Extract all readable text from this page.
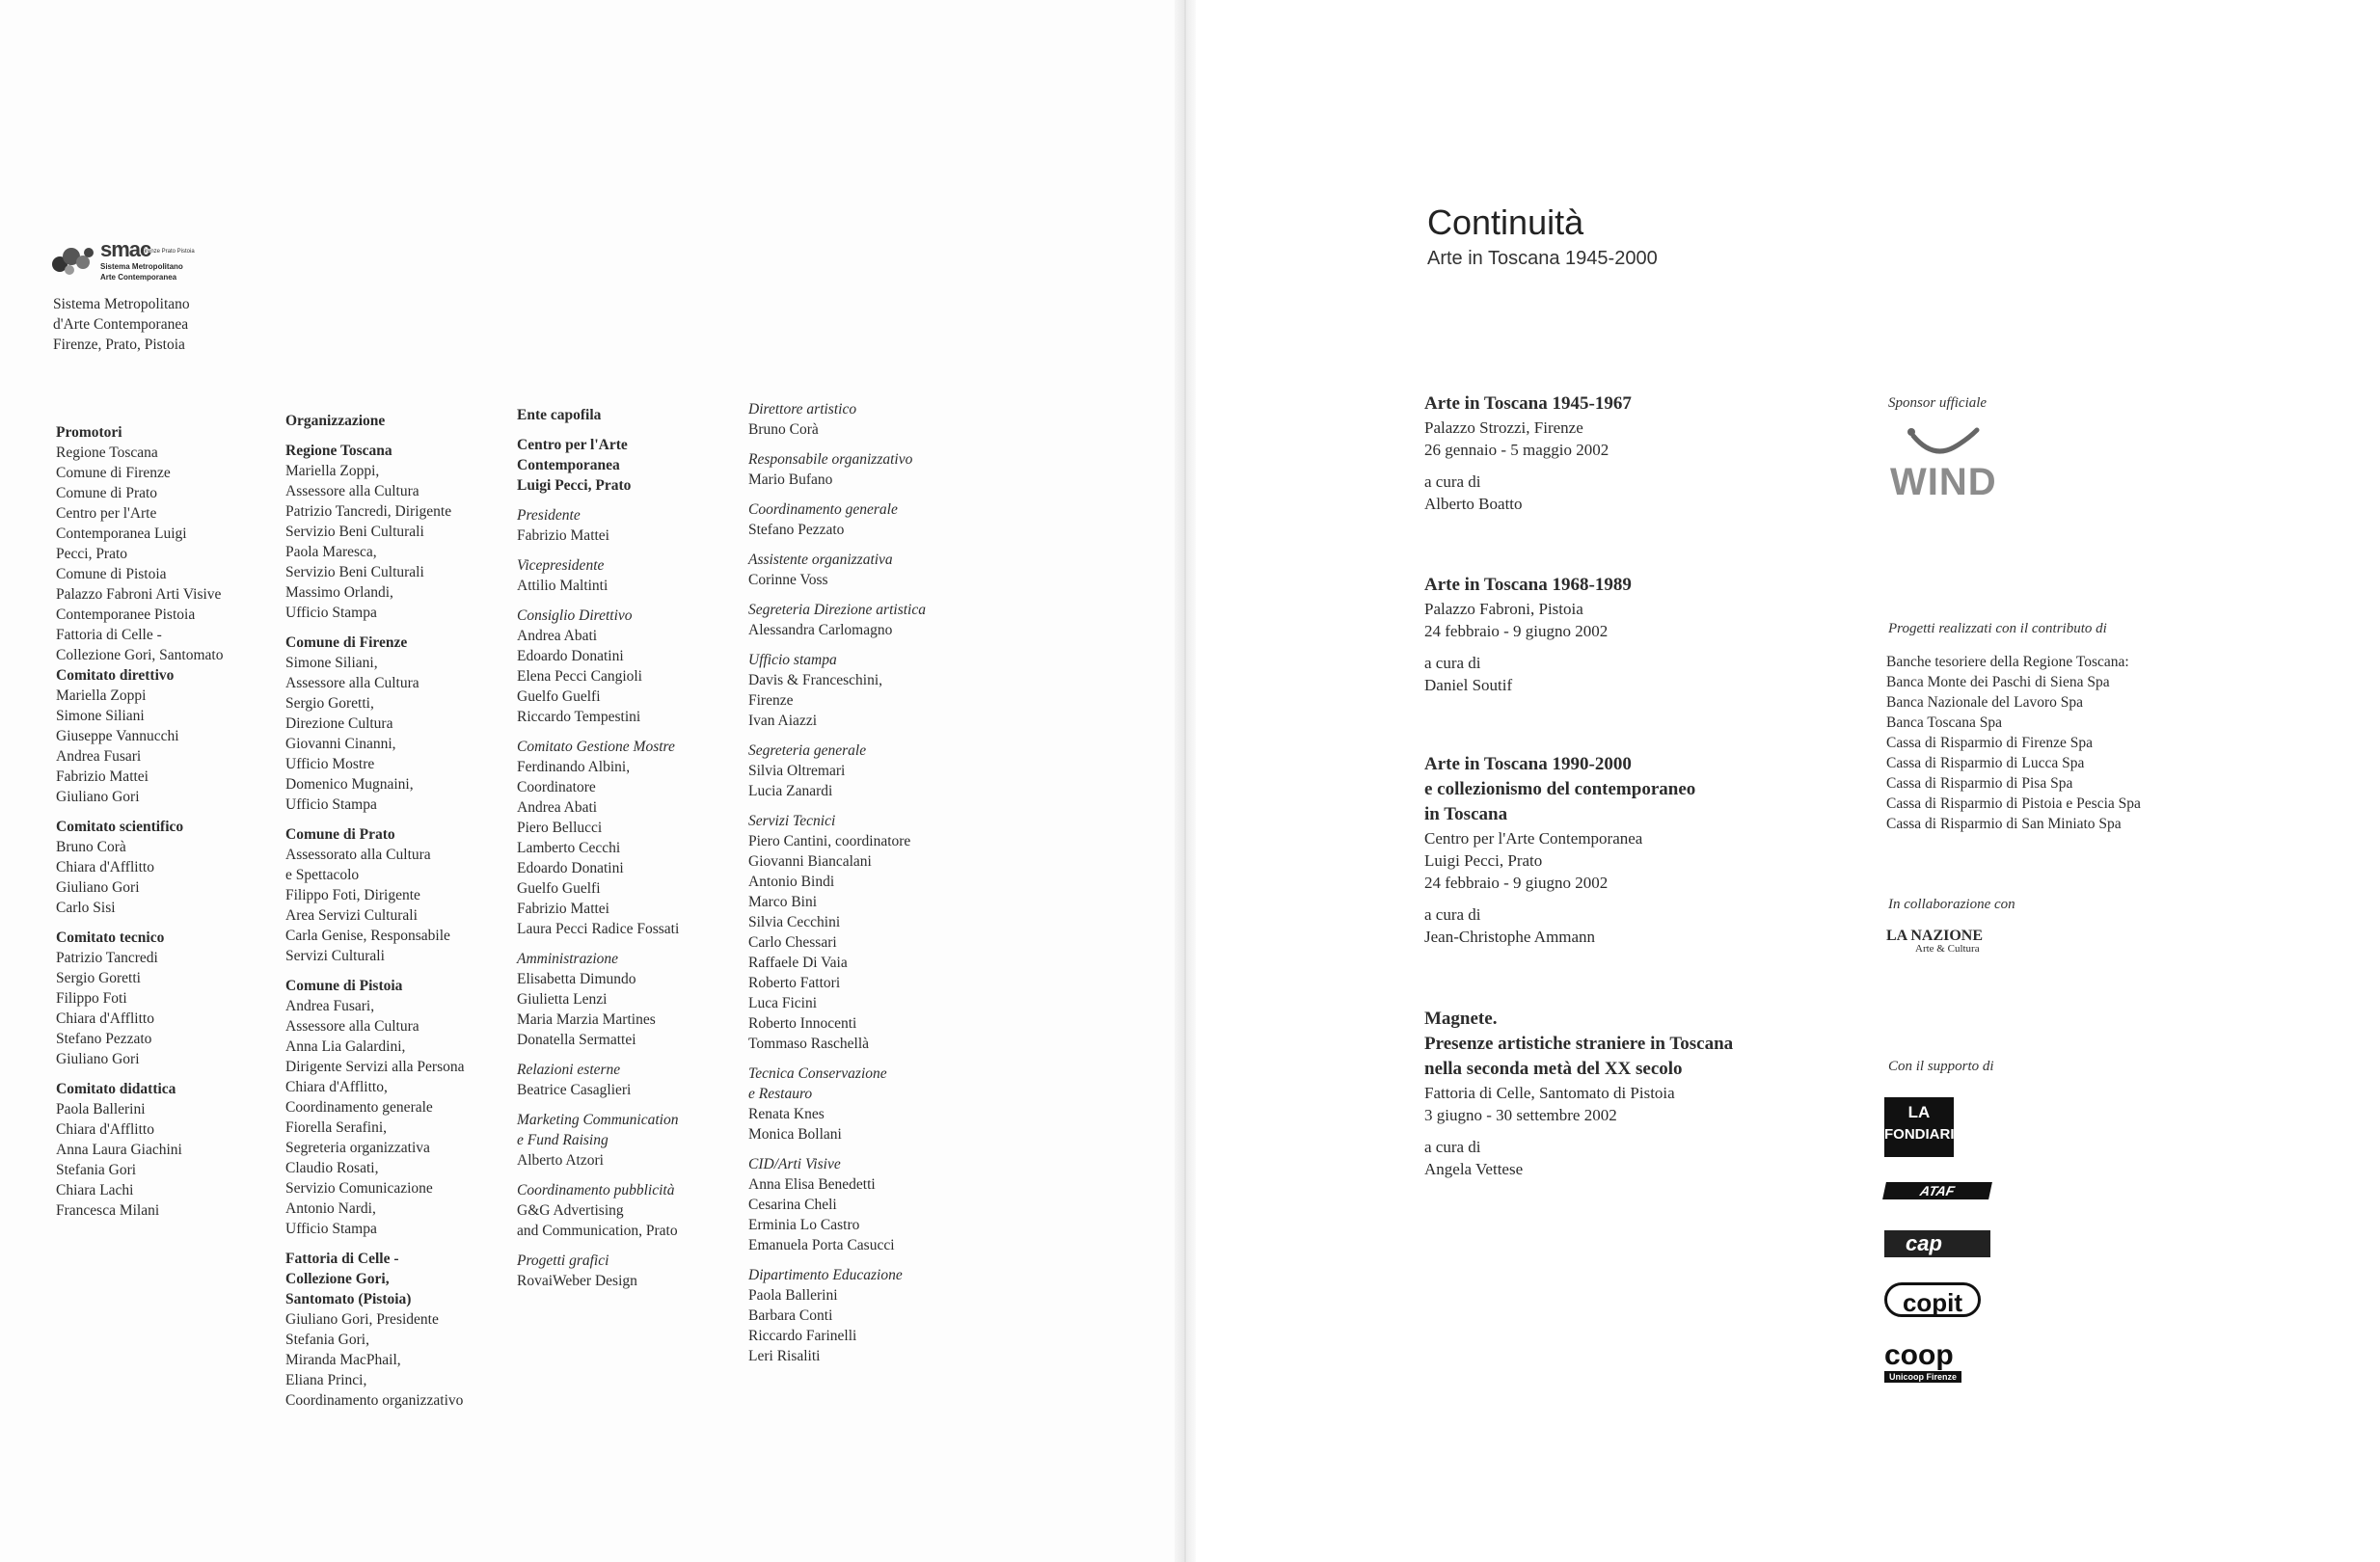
smac
Firenze Prato Pistoia
Sistema Metropolitano
Arte Contemporanea
Sistema Metropolitano
d'Arte Contemporanea
Firenze, Prato, Pistoia
Promotori
Regione Toscana
Comune di Firenze
Comune di Prato
Centro per l'Arte
Contemporanea Luigi
Pecci, Prato
Comune di Pistoia
Palazzo Fabroni Arti Visive
Contemporanee Pistoia
Fattoria di Celle -
Collezione Gori, Santomato
Comitato direttivo
Mariella Zoppi
Simone Siliani
Giuseppe Vannucchi
Andrea Fusari
Fabrizio Mattei
Giuliano Gori
Comitato scientifico
Bruno Corà
Chiara d'Afflitto
Giuliano Gori
Carlo Sisi
Comitato tecnico
Patrizio Tancredi
Sergio Goretti
Filippo Foti
Chiara d'Afflitto
Stefano Pezzato
Giuliano Gori
Comitato didattica
Paola Ballerini
Chiara d'Afflitto
Anna Laura Giachini
Stefania Gori
Chiara Lachi
Francesca Milani
Organizzazione
Regione Toscana
Mariella Zoppi,
Assessore alla Cultura
Patrizio Tancredi, Dirigente
Servizio Beni Culturali
Paola Maresca,
Servizio Beni Culturali
Massimo Orlandi,
Ufficio Stampa
Comune di Firenze
Simone Siliani,
Assessore alla Cultura
Sergio Goretti,
Direzione Cultura
Giovanni Cinanni,
Ufficio Mostre
Domenico Mugnaini,
Ufficio Stampa
Comune di Prato
Assessorato alla Cultura
e Spettacolo
Filippo Foti, Dirigente
Area Servizi Culturali
Carla Genise, Responsabile
Servizi Culturali
Comune di Pistoia
Andrea Fusari,
Assessore alla Cultura
Anna Lia Galardini,
Dirigente Servizi alla Persona
Chiara d'Afflitto,
Coordinamento generale
Fiorella Serafini,
Segreteria organizzativa
Claudio Rosati,
Servizio Comunicazione
Antonio Nardi,
Ufficio Stampa
Fattoria di Celle -
Collezione Gori,
Santomato (Pistoia)
Giuliano Gori, Presidente
Stefania Gori,
Miranda MacPhail,
Eliana Princi,
Coordinamento organizzativo
Ente capofila
Centro per l'Arte
Contemporanea
Luigi Pecci, Prato
Presidente
Fabrizio Mattei
Vicepresidente
Attilio Maltinti
Consiglio Direttivo
Andrea Abati
Edoardo Donatini
Elena Pecci Cangioli
Guelfo Guelfi
Riccardo Tempestini
Comitato Gestione Mostre
Ferdinando Albini,
Coordinatore
Andrea Abati
Piero Bellucci
Lamberto Cecchi
Edoardo Donatini
Guelfo Guelfi
Fabrizio Mattei
Laura Pecci Radice Fossati
Amministrazione
Elisabetta Dimundo
Giulietta Lenzi
Maria Marzia Martines
Donatella Sermattei
Relazioni esterne
Beatrice Casaglieri
Marketing Communication
e Fund Raising
Alberto Atzori
Coordinamento pubblicità
G&G Advertising
and Communication, Prato
Progetti grafici
RovaiWeber Design
Direttore artistico
Bruno Corà
Responsabile organizzativo
Mario Bufano
Coordinamento generale
Stefano Pezzato
Assistente organizzativa
Corinne Voss
Segreteria Direzione artistica
Alessandra Carlomagno
Ufficio stampa
Davis & Franceschini,
Firenze
Ivan Aiazzi
Segreteria generale
Silvia Oltremari
Lucia Zanardi
Servizi Tecnici
Piero Cantini, coordinatore
Giovanni Biancalani
Antonio Bindi
Marco Bini
Silvia Cecchini
Carlo Chessari
Raffaele Di Vaia
Roberto Fattori
Luca Ficini
Roberto Innocenti
Tommaso Raschellà
Tecnica Conservazione
e Restauro
Renata Knes
Monica Bollani
CID/Arti Visive
Anna Elisa Benedetti
Cesarina Cheli
Erminia Lo Castro
Emanuela Porta Casucci
Dipartimento Educazione
Paola Ballerini
Barbara Conti
Riccardo Farinelli
Leri Risaliti
Continuità
Arte in Toscana 1945-2000
Arte in Toscana 1945-1967
Palazzo Strozzi, Firenze
26 gennaio - 5 maggio 2002
a cura di
Alberto Boatto
Arte in Toscana 1968-1989
Palazzo Fabroni, Pistoia
24 febbraio - 9 giugno 2002
a cura di
Daniel Soutif
Arte in Toscana 1990-2000
e collezionismo del contemporaneo
in Toscana
Centro per l'Arte Contemporanea
Luigi Pecci, Prato
24 febbraio - 9 giugno 2002
a cura di
Jean-Christophe Ammann
Magnete.
Presenze artistiche straniere in Toscana
nella seconda metà del XX secolo
Fattoria di Celle, Santomato di Pistoia
3 giugno - 30 settembre 2002
a cura di
Angela Vettese
Sponsor ufficiale
WIND
Progetti realizzati con il contributo di
Banche tesoriere della Regione Toscana:
Banca Monte dei Paschi di Siena Spa
Banca Nazionale del Lavoro Spa
Banca Toscana Spa
Cassa di Risparmio di Firenze Spa
Cassa di Risparmio di Lucca Spa
Cassa di Risparmio di Pisa Spa
Cassa di Risparmio di Pistoia e Pescia Spa
Cassa di Risparmio di San Miniato Spa
In collaborazione con
LA NAZIONE
Arte & Cultura
Con il supporto di
LA
FONDIARIA
ATAF
cap
copit
coop
Unicoop Firenze
